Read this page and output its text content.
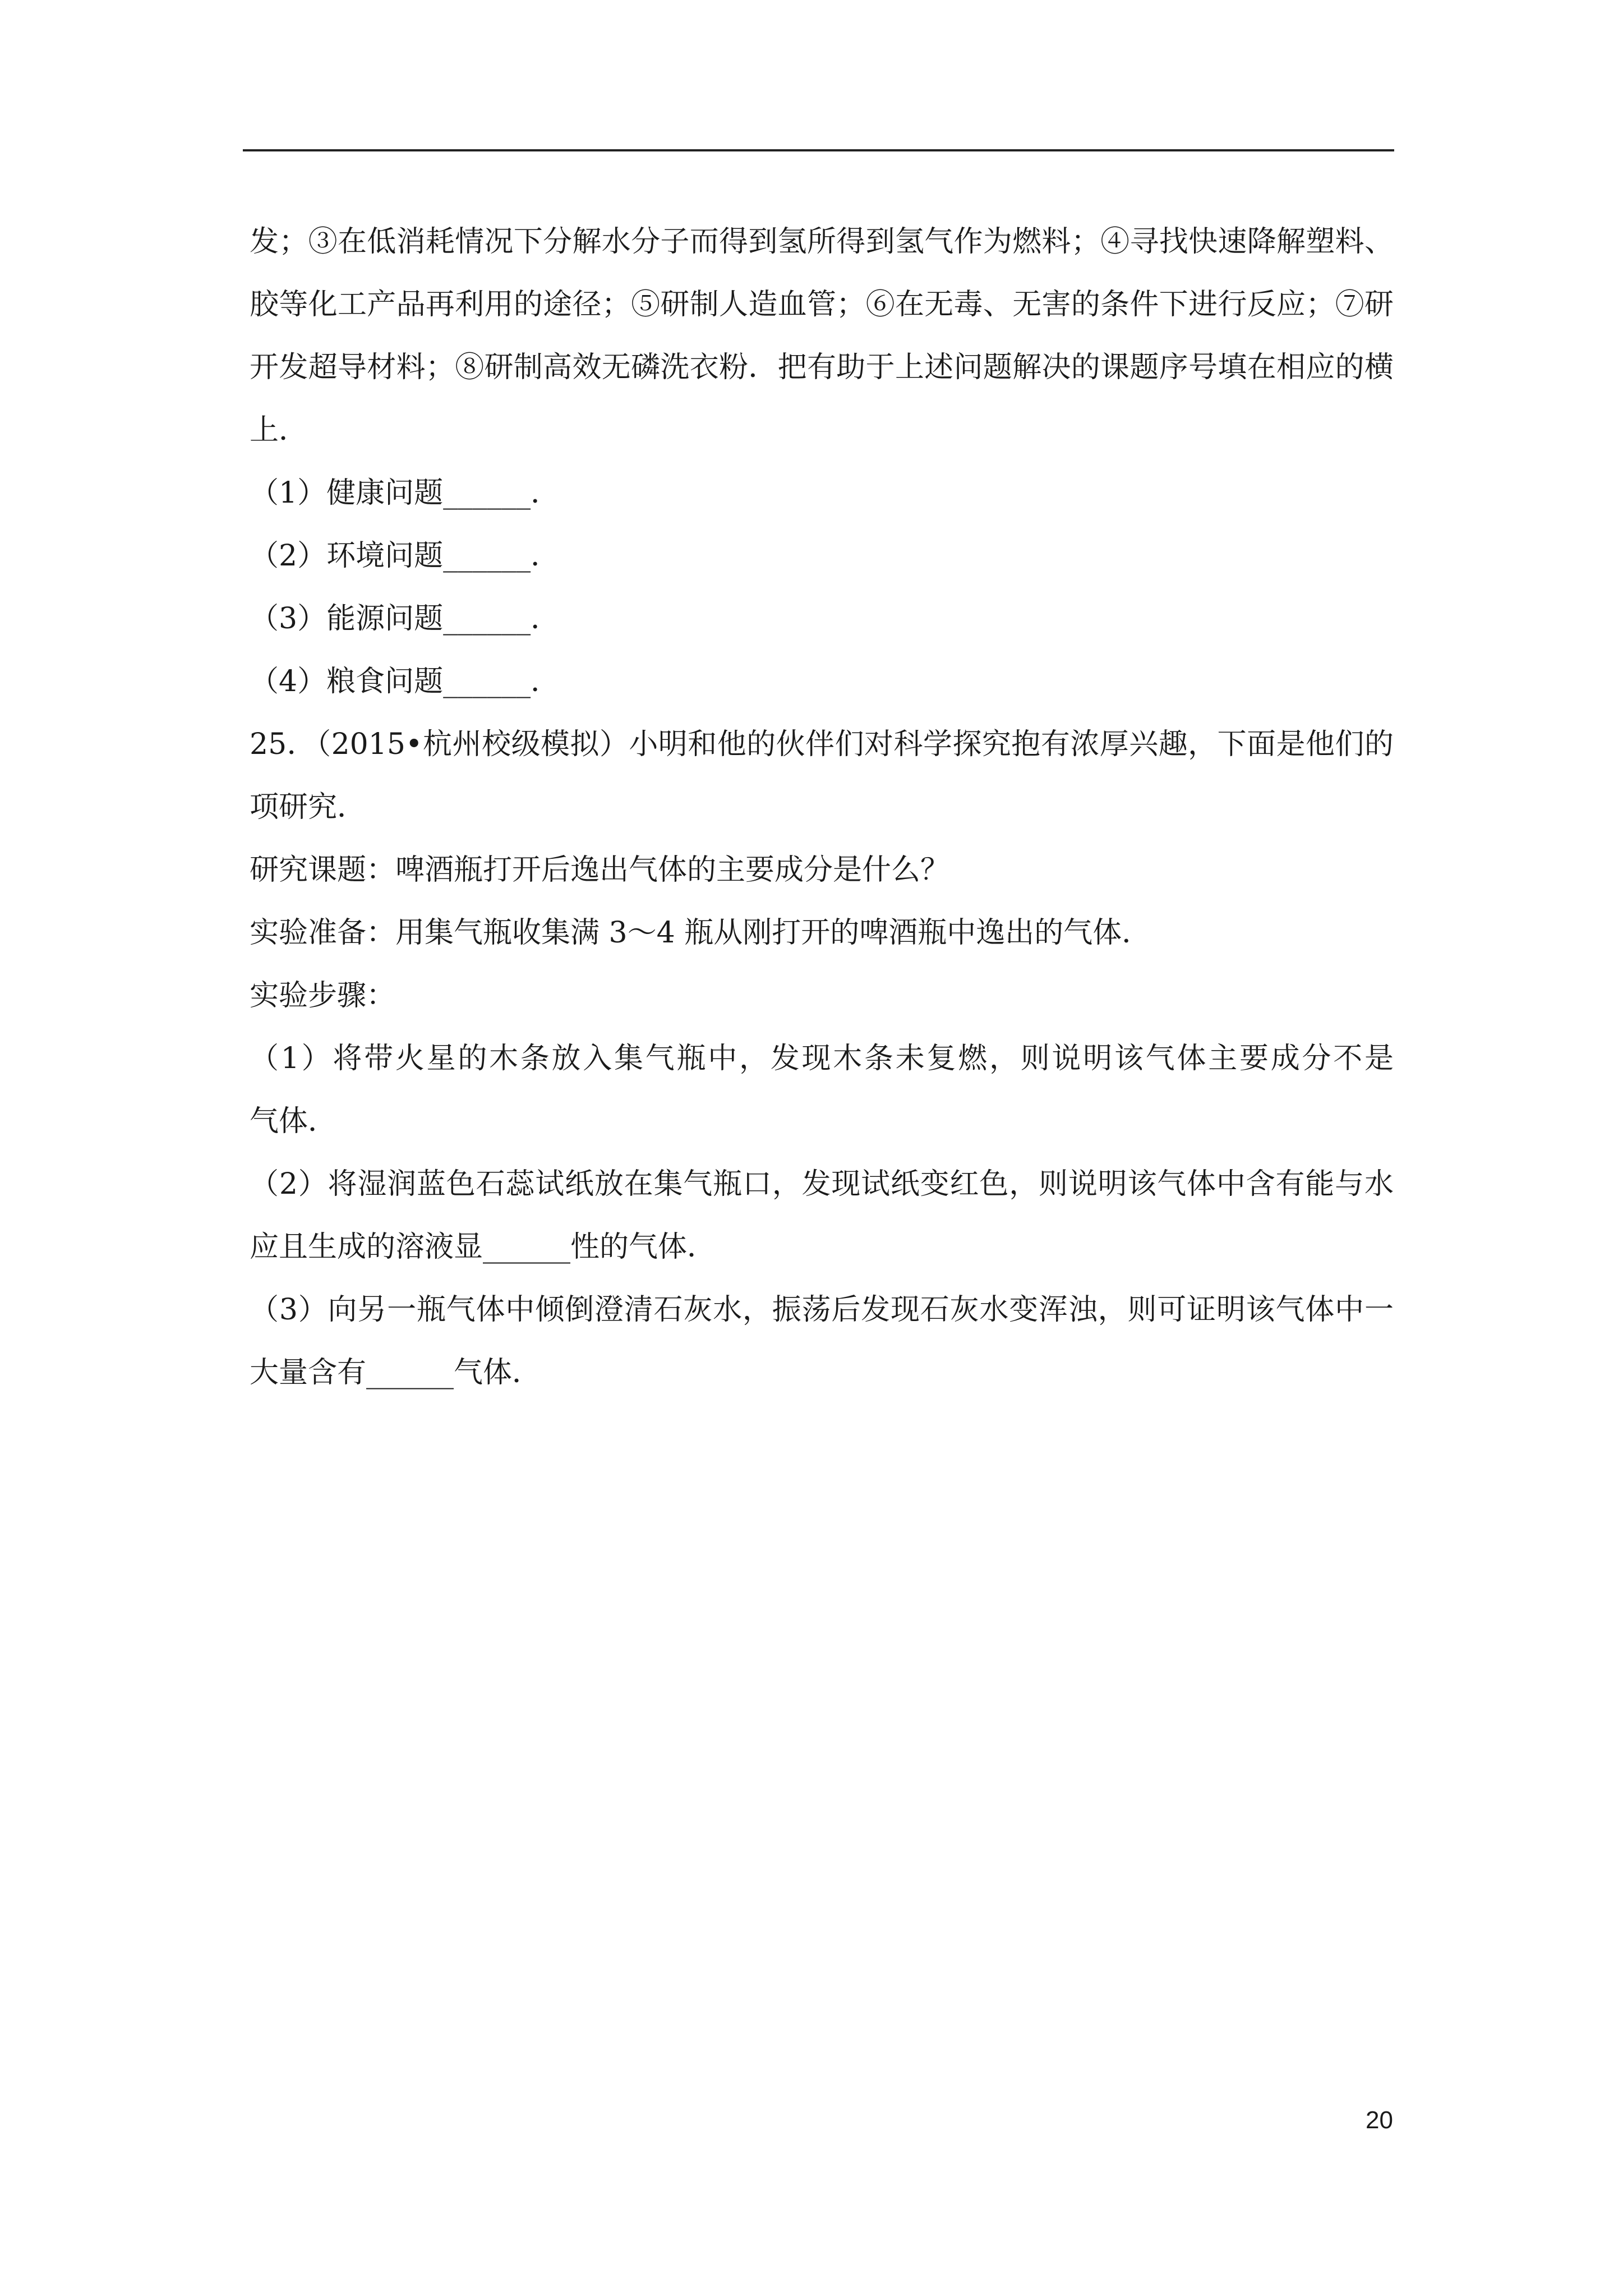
发；③在低消耗情况下分解水分子而得到氢所得到氢气作为燃料；④寻找快速降解塑料、
胶等化工产品再利用的途径；⑤研制人造血管；⑥在无毒、无害的条件下进行反应；⑦研
开发超导材料；⑧研制高效无磷洗衣粉．把有助于上述问题解决的课题序号填在相应的横
上．
（1）健康问题______．
（2）环境问题______．
（3）能源问题______．
（4）粮食问题______．
25．（2015•杭州校级模拟）小明和他的伙伴们对科学探究抱有浓厚兴趣，下面是他们的
项研究．
研究课题：啤酒瓶打开后逸出气体的主要成分是什么？
实验准备：用集气瓶收集满 3～4 瓶从刚打开的啤酒瓶中逸出的气体．
实验步骤：
（1）将带火星的木条放入集气瓶中，发现木条未复燃，则说明该气体主要成分不是
气体．
（2）将湿润蓝色石蕊试纸放在集气瓶口，发现试纸变红色，则说明该气体中含有能与水
应且生成的溶液显______性的气体．
（3）向另一瓶气体中倾倒澄清石灰水，振荡后发现石灰水变浑浊，则可证明该气体中一
大量含有______气体．
20
